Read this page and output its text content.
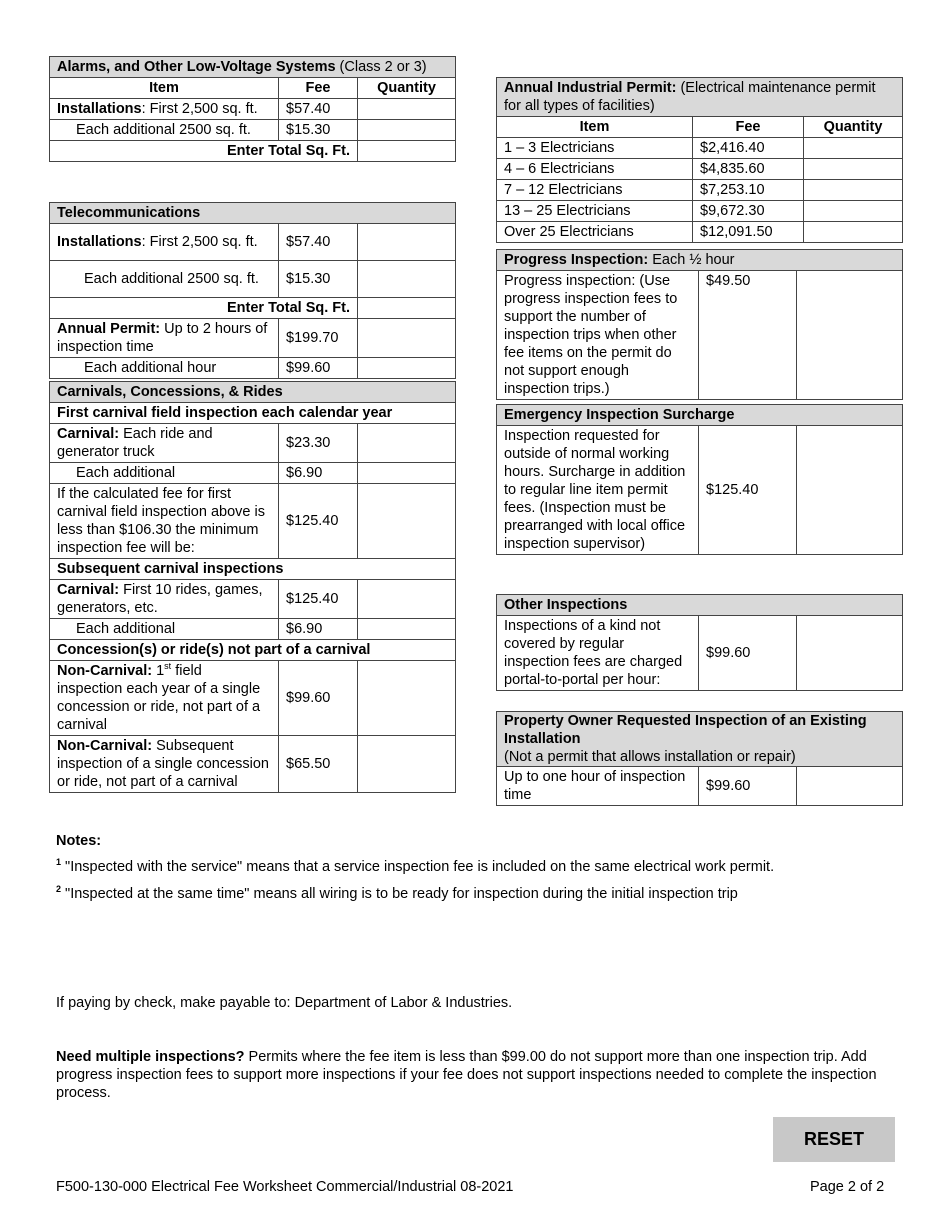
Alarms, and Other Low-Voltage Systems (Class 2 or 3)		
Item	Fee	Quantity
Installations: First 2,500 sq. ft.	$57.40	
Each additional 2500 sq. ft.	$15.30	
Enter Total Sq. Ft.		
Telecommunications		
Installations: First 2,500 sq. ft.	$57.40	
Each additional 2500 sq. ft.	$15.30	
Enter Total Sq. Ft.		
Annual Permit: Up to 2 hours of inspection time	$199.70	
Each additional hour	$99.60	
Carnivals, Concessions, & Rides		
First carnival field inspection each calendar year		
Carnival: Each ride and generator truck	$23.30	
Each additional	$6.90	
If the calculated fee for first carnival field inspection above is less than $106.30 the minimum inspection fee will be:	$125.40	
Subsequent carnival inspections		
Carnival: First 10 rides, games, generators, etc.	$125.40	
Each additional	$6.90	
Concession(s) or ride(s) not part of a carnival		
Non-Carnival: 1st field inspection each year of a single concession or ride, not part of a carnival	$99.60	
Non-Carnival: Subsequent inspection of a single concession or ride, not part of a carnival	$65.50	
Annual Industrial Permit: (Electrical maintenance permit for all types of facilities)		
Item	Fee	Quantity
1 – 3 Electricians	$2,416.40	
4 – 6 Electricians	$4,835.60	
7 – 12 Electricians	$7,253.10	
13 – 25 Electricians	$9,672.30	
Over 25 Electricians	$12,091.50	
Progress Inspection: Each ½ hour
Progress inspection: (Use progress inspection fees to support the number of inspection trips when other fee items on the permit do not support enough inspection trips.)	$49.50	
Emergency Inspection Surcharge
Inspection requested for outside of normal working hours. Surcharge in addition to regular line item permit fees. (Inspection must be prearranged with local office inspection supervisor)	$125.40	
Other Inspections
Inspections of a kind not covered by regular inspection fees are charged portal-to-portal per hour:	$99.60	
Property Owner Requested Inspection of an Existing Installation
(Not a permit that allows installation or repair)

Up to one hour of inspection time	$99.60	
Notes:
$^1$ "Inspected with the service" means that a service inspection fee is included on the same electrical work permit.
$^2$ "Inspected at the same time" means all wiring is to be ready for inspection during the initial inspection trip
If paying by check, make payable to: Department of Labor & Industries.
Need multiple inspections? Permits where the fee item is less than $99.00 do not support more than one inspection trip. Add progress inspection fees to support more inspections if your fee does not support inspections needed to complete the inspection process.
RESET
F500-130-000 Electrical Fee Worksheet Commercial/Industrial 08-2021	Page 2 of 2
